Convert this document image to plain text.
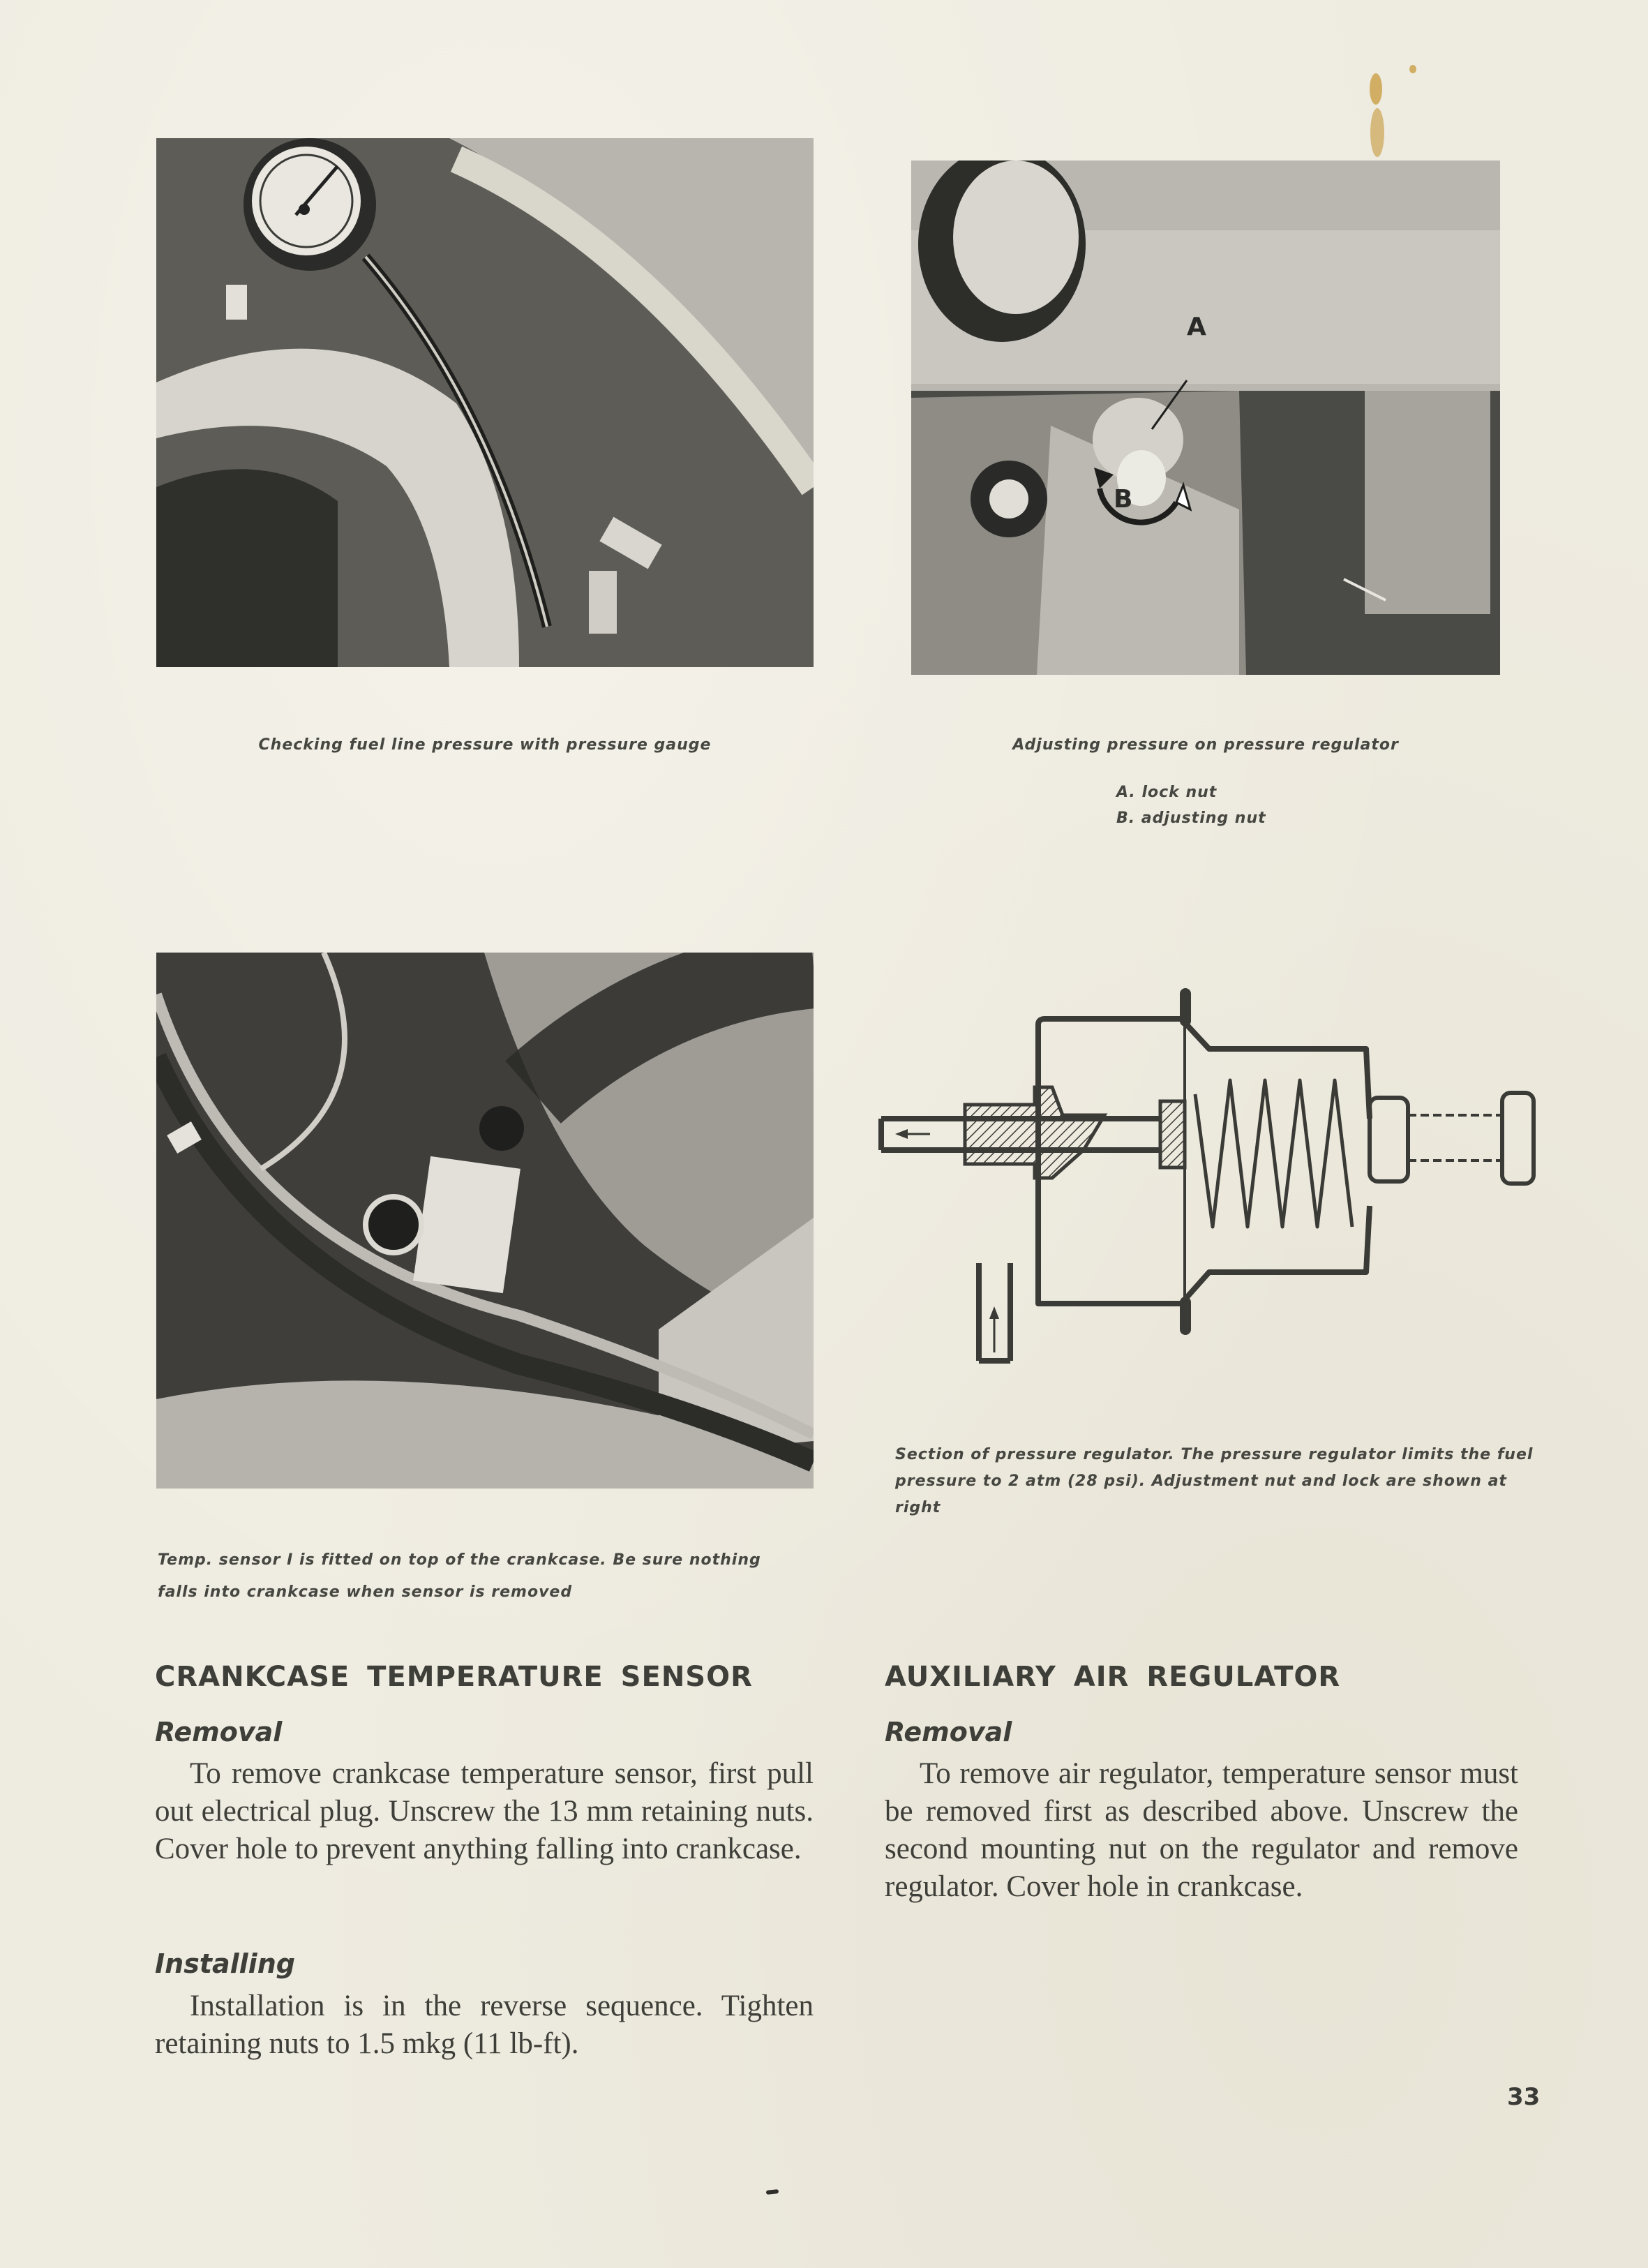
Checking fuel line pressure with pressure gauge
A
B
Adjusting pressure on pressure regulator
A. lock nut
B. adjusting nut
Temp. sensor I is fitted on top of the crankcase. Be sure nothing
falls into crankcase when sensor is removed
Section of pressure regulator. The pressure regulator limits the fuel
pressure to 2 atm (28 psi). Adjustment nut and lock are shown at
right
CRANKCASE TEMPERATURE SENSOR
Removal
To remove crankcase temperature sensor, first pull out electrical plug. Unscrew the 13 mm retaining nuts. Cover hole to prevent anything falling into crankcase.
Installing
Installation is in the reverse sequence. Tighten retaining nuts to 1.5 mkg (11 lb-ft).
AUXILIARY AIR REGULATOR
Removal
To remove air regulator, temperature sensor must be removed first as described above. Unscrew the second mounting nut on the regulator and remove regulator. Cover hole in crankcase.
33
